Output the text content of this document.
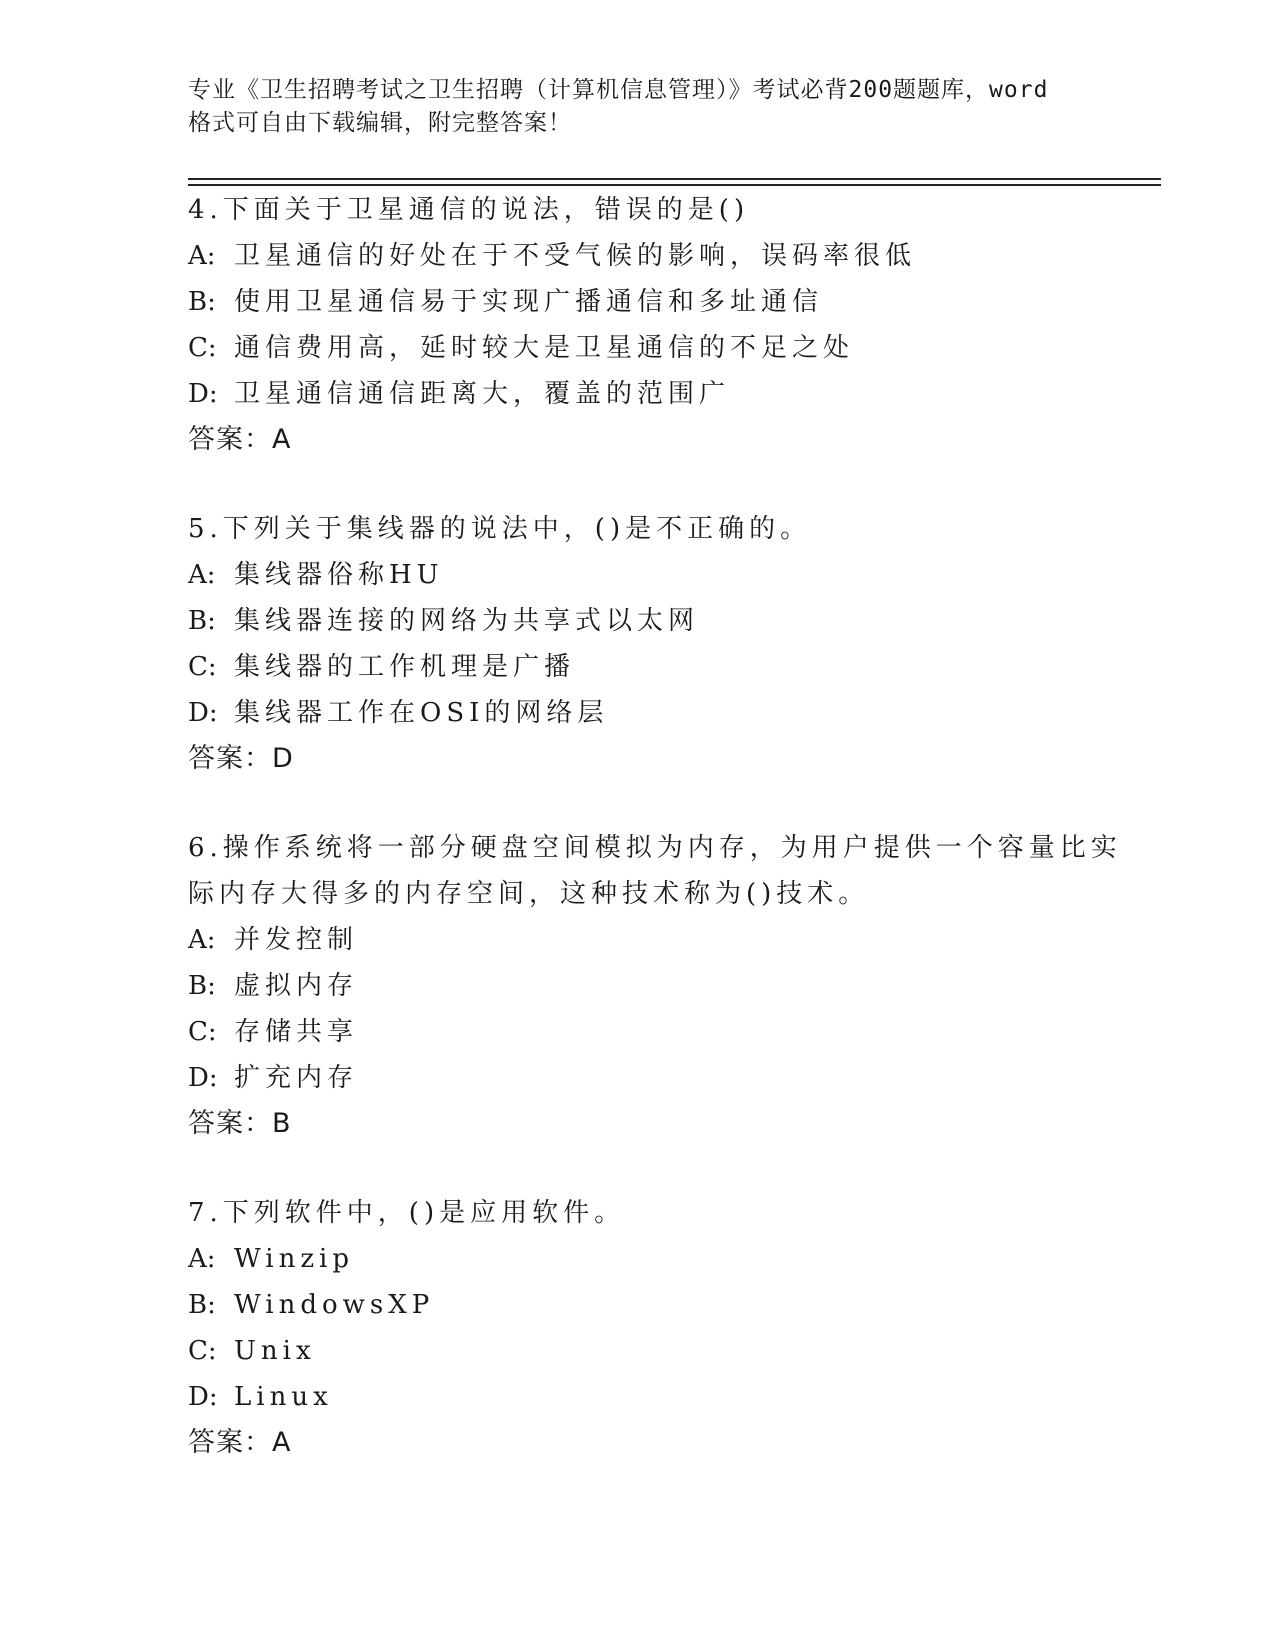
专业《卫生招聘考试之卫生招聘（计算机信息管理）》考试必背200题题库，word
格式可自由下载编辑，附完整答案！
4.下面关于卫星通信的说法，错误的是()
A: 卫星通信的好处在于不受气候的影响，误码率很低
B: 使用卫星通信易于实现广播通信和多址通信
C: 通信费用高，延时较大是卫星通信的不足之处
D: 卫星通信通信距离大，覆盖的范围广
答案：A
5.下列关于集线器的说法中，()是不正确的。
A: 集线器俗称HU
B: 集线器连接的网络为共享式以太网
C: 集线器的工作机理是广播
D: 集线器工作在OSI的网络层
答案：D
6.操作系统将一部分硬盘空间模拟为内存，为用户提供一个容量比实
际内存大得多的内存空间，这种技术称为()技术。
A: 并发控制
B: 虚拟内存
C: 存储共享
D: 扩充内存
答案：B
7.下列软件中，()是应用软件。
A: Winzip
B: WindowsXP
C: Unix
D: Linux
答案：A
